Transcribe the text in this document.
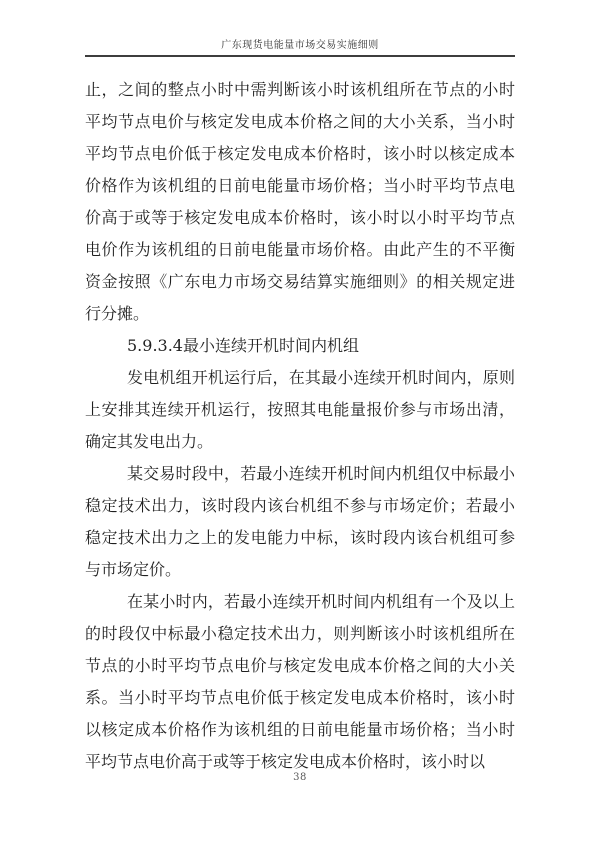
广东现货电能量市场交易实施细则

止，之间的整点小时中需判断该小时该机组所在节点的小时平均节点电价与核定发电成本价格之间的大小关系，当小时平均节点电价低于核定发电成本价格时，该小时以核定成本价格作为该机组的日前电能量市场价格；当小时平均节点电价高于或等于核定发电成本价格时，该小时以小时平均节点电价作为该机组的日前电能量市场价格。由此产生的不平衡资金按照《广东电力市场交易结算实施细则》的相关规定进行分摊。

5.9.3.4最小连续开机时间内机组

发电机组开机运行后，在其最小连续开机时间内，原则上安排其连续开机运行，按照其电能量报价参与市场出清，确定其发电出力。

某交易时段中，若最小连续开机时间内机组仅中标最小稳定技术出力，该时段内该台机组不参与市场定价；若最小稳定技术出力之上的发电能力中标，该时段内该台机组可参与市场定价。

在某小时内，若最小连续开机时间内机组有一个及以上的时段仅中标最小稳定技术出力，则判断该小时该机组所在节点的小时平均节点电价与核定发电成本价格之间的大小关系。当小时平均节点电价低于核定发电成本价格时，该小时以核定成本价格作为该机组的日前电能量市场价格；当小时平均节点电价高于或等于核定发电成本价格时，该小时以

38
